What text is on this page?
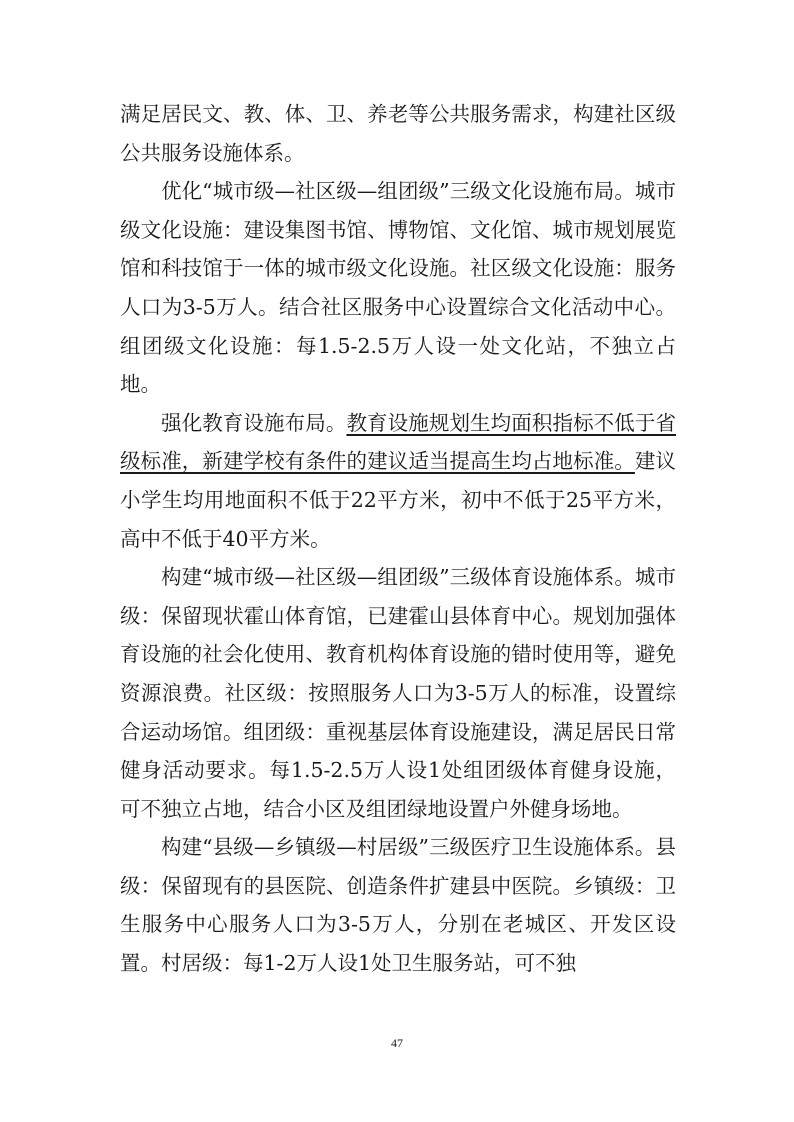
满足居民文、教、体、卫、养老等公共服务需求，构建社区级公共服务设施体系。

优化“城市级—社区级—组团级”三级文化设施布局。城市级文化设施：建设集图书馆、博物馆、文化馆、城市规划展览馆和科技馆于一体的城市级文化设施。社区级文化设施：服务人口为3-5万人。结合社区服务中心设置综合文化活动中心。组团级文化设施：每1.5-2.5万人设一处文化站，不独立占地。

强化教育设施布局。教育设施规划生均面积指标不低于省级标准，新建学校有条件的建议适当提高生均占地标准。建议小学生均用地面积不低于22平方米，初中不低于25平方米，高中不低于40平方米。

构建“城市级—社区级—组团级”三级体育设施体系。城市级：保留现状霍山体育馆，已建霍山县体育中心。规划加强体育设施的社会化使用、教育机构体育设施的错时使用等，避免资源浪费。社区级：按照服务人口为3-5万人的标准，设置综合运动场馆。组团级：重视基层体育设施建设，满足居民日常健身活动要求。每1.5-2.5万人设1处组团级体育健身设施，可不独立占地，结合小区及组团绿地设置户外健身场地。

构建“县级—乡镇级—村居级”三级医疗卫生设施体系。县级：保留现有的县医院、创造条件扩建县中医院。乡镇级：卫生服务中心服务人口为3-5万人，分别在老城区、开发区设置。村居级：每1-2万人设1处卫生服务站，可不独

47
